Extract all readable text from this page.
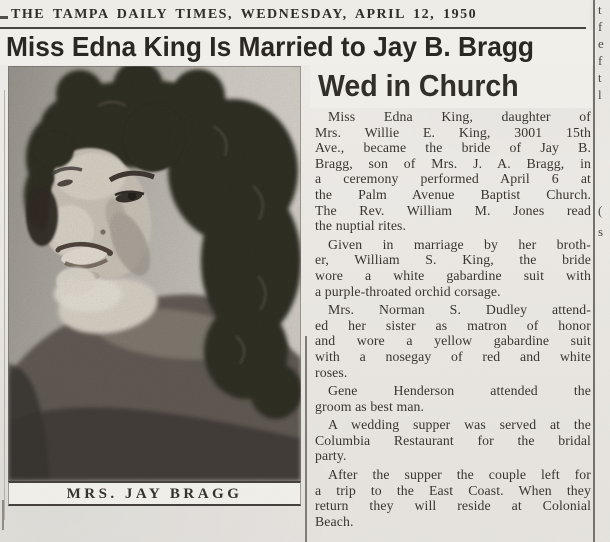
THE TAMPA DAILY TIMES, WEDNESDAY, APRIL 12, 1950
Miss Edna King Is Married to Jay B. Bragg
MRS. JAY BRAGG
Wed in Church
Miss Edna King, daughter of
Mrs. Willie E. King, 3001 15th
Ave., became the bride of Jay B.
Bragg, son of Mrs. J. A. Bragg, in
a ceremony performed April 6 at
the Palm Avenue Baptist Church.
The Rev. William M. Jones read
the nuptial rites.
Given in marriage by her broth-
er, William S. King, the bride
wore a white gabardine suit with
a purple-throated orchid corsage.
Mrs. Norman S. Dudley attend-
ed her sister as matron of honor
and wore a yellow gabardine suit
with a nosegay of red and white
roses.
Gene Henderson attended the
groom as best man.
A wedding supper was served at the
Columbia Restaurant for the bridal
party.
After the supper the couple left for
a trip to the East Coast. When they
return they will reside at Colonial
Beach.
t
f
e
f
t
l
(
s
